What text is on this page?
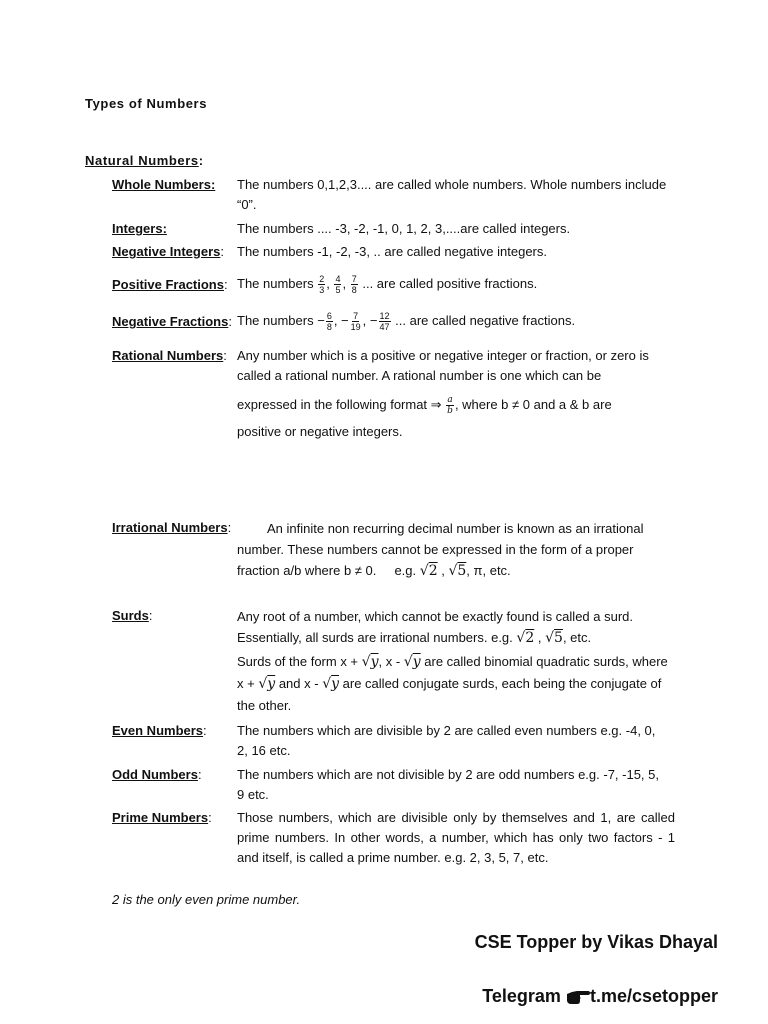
Types of Numbers
Natural Numbers:
Whole Numbers: The numbers 0,1,2,3.... are called whole numbers. Whole numbers include “0”.
Integers:	The numbers .... -3, -2, -1, 0, 1, 2, 3,....are called integers.
Negative Integers: The numbers -1, -2, -3, .. are called negative integers.
Positive Fractions: The numbers $\frac{2}{3}$ , $\frac{4}{5}$ , $\frac{7}{8}$ ... are called positive fractions.
Negative Fractions: The numbers − $\frac{6}{8}$ , − $\frac{7}{19}$ , − $\frac{12}{47}$ ... are called negative fractions.
Rational Numbers: Any number which is a positive or negative integer or fraction, or zero is called a rational number. A rational number is one which can be
expressed in the following format ⇒ $\frac{a}{b}$ , where b ≠ 0 and a & b are
positive or negative integers.
Irrational Numbers:	An infinite non recurring decimal number is known as an irrational number. These numbers cannot be expressed in the form of a proper fraction a/b where b ≠ 0. e.g. √2 , √5, π, etc.
Surds:	Any root of a number, which cannot be exactly found is called a surd. Essentially, all surds are irrational numbers. e.g. √2 , √5, etc.
Surds of the form x + √y, x - √y are called binomial quadratic surds, where x + √y and x - √y are called conjugate surds, each being the conjugate of the other.
Even Numbers: The numbers which are divisible by 2 are called even numbers e.g. -4, 0, 2, 16 etc.
Odd Numbers:	The numbers which are not divisible by 2 are odd numbers e.g. -7, -15, 5, 9 etc.
Prime Numbers: Those numbers, which are divisible only by themselves and 1, are called prime numbers. In other words, a number, which has only two factors - 1 and itself, is called a prime number. e.g. 2, 3, 5, 7, etc.
2 is the only even prime number.
CSE Topper by Vikas Dhayal
Telegram t.me/csetopper
